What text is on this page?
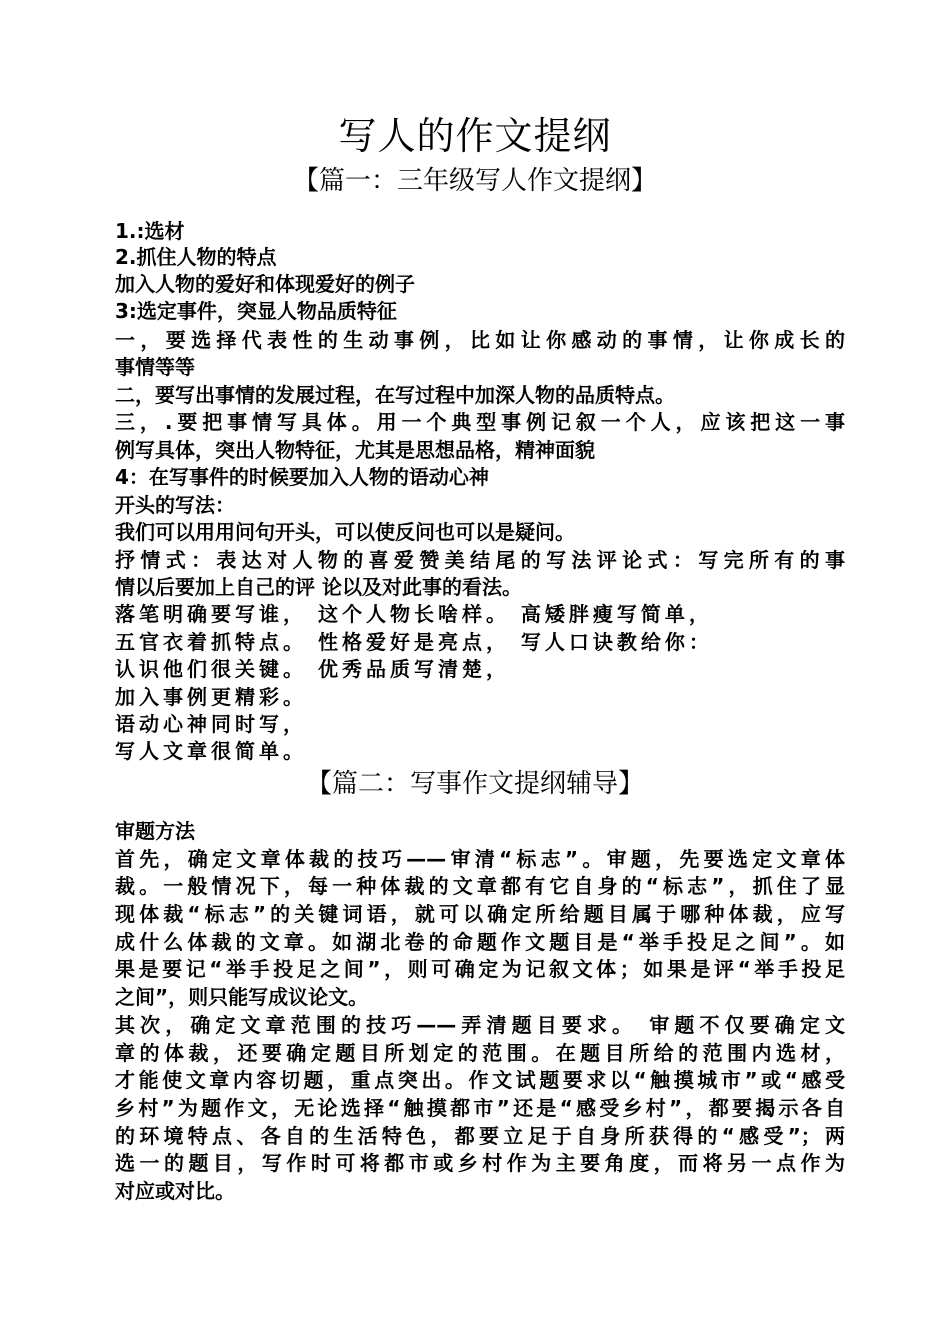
写人的作文提纲
【篇一：三年级写人作文提纲】
1.:选材
2.抓住人物的特点
加入人物的爱好和体现爱好的例子
3:选定事件，突显人物品质特征
一，要选择代表性的生动事例，比如让你感动的事情，让你成长的
事情等等
二，要写出事情的发展过程，在写过程中加深人物的品质特点。
三，.要把事情写具体。用一个典型事例记叙一个人，应该把这一事
例写具体，突出人物特征，尤其是思想品格，精神面貌
4：在写事件的时候要加入人物的语动心神
开头的写法：
我们可以用用问句开头，可以使反问也可以是疑问。
抒情式：表达对人物的喜爱赞美结尾的写法评论式：写完所有的事
情以后要加上自己的评 论以及对此事的看法。
落笔明确要写谁， 这个人物长啥样。 高矮胖瘦写简单，
五官衣着抓特点。 性格爱好是亮点， 写人口诀教给你：
认识他们很关键。 优秀品质写清楚，
加入事例更精彩。
语动心神同时写，
写人文章很简单。
【篇二：写事作文提纲辅导】
审题方法
首先，确定文章体裁的技巧——审清“标志”。审题，先要选定文章体
裁。一般情况下，每一种体裁的文章都有它自身的“标志”，抓住了显
现体裁“标志”的关键词语，就可以确定所给题目属于哪种体裁，应写
成什么体裁的文章。如湖北卷的命题作文题目是“举手投足之间”。如
果是要记“举手投足之间”，则可确定为记叙文体；如果是评“举手投足
之间”，则只能写成议论文。
其次，确定文章范围的技巧——弄清题目要求。 审题不仅要确定文
章的体裁，还要确定题目所划定的范围。在题目所给的范围内选材，
才能使文章内容切题，重点突出。作文试题要求以“触摸城市”或“感受
乡村”为题作文，无论选择“触摸都市”还是“感受乡村”，都要揭示各自
的环境特点、各自的生活特色，都要立足于自身所获得的“感受”；两
选一的题目，写作时可将都市或乡村作为主要角度，而将另一点作为
对应或对比。
